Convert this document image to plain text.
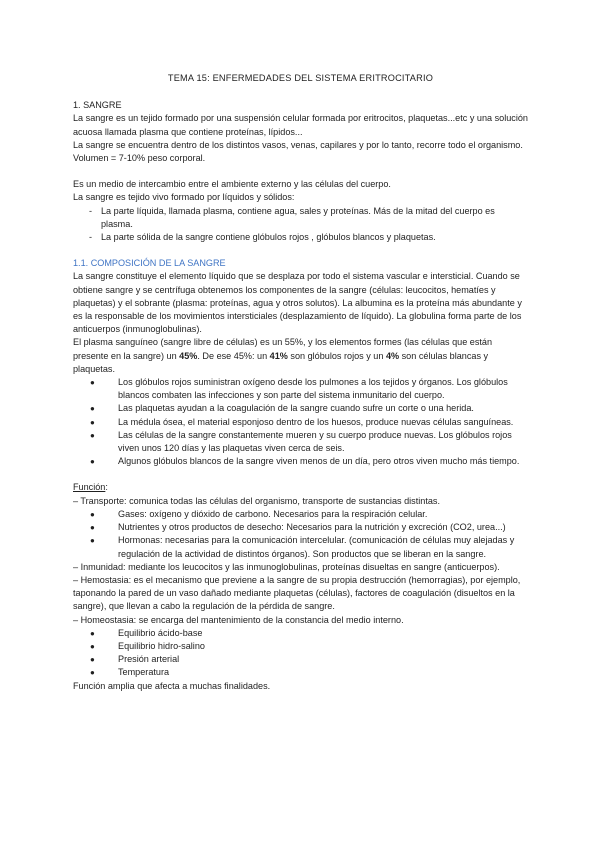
TEMA 15: ENFERMEDADES DEL SISTEMA ERITROCITARIO

1. SANGRE

La sangre es un tejido formado por una suspensión celular formada por eritrocitos, plaquetas...etc y una solución acuosa llamada plasma que contiene proteínas, lípidos...

La sangre se encuentra dentro de los distintos vasos, venas, capilares y por lo tanto, recorre todo el organismo. Volumen = 7-10% peso corporal.

Es un medio de intercambio entre el ambiente externo y las células del cuerpo.

La sangre es tejido vivo formado por líquidos y sólidos:

- La parte líquida, llamada plasma, contiene agua, sales y proteínas. Más de la mitad del cuerpo es plasma.
- La parte sólida de la sangre contiene glóbulos rojos , glóbulos blancos y plaquetas.

1.1. COMPOSICIÓN DE LA SANGRE

La sangre constituye el elemento líquido que se desplaza por todo el sistema vascular e intersticial. Cuando se obtiene sangre y se centrífuga obtenemos los componentes de la sangre (células: leucocitos, hematíes y plaquetas) y el sobrante (plasma: proteínas, agua y otros solutos). La albumina es la proteína más abundante y es la responsable de los movimientos intersticiales (desplazamiento de líquido). La globulina forma parte de los anticuerpos (inmunoglobulinas).

El plasma sanguíneo (sangre libre de células) es un 55%, y los elementos formes (las células que están presente en la sangre) un 45%. De ese 45%: un 41% son glóbulos rojos y un 4% son células blancas y plaquetas.

●	Los glóbulos rojos suministran oxígeno desde los pulmones a los tejidos y órganos. Los glóbulos blancos combaten las infecciones y son parte del sistema inmunitario del cuerpo.
●	Las plaquetas ayudan a la coagulación de la sangre cuando sufre un corte o una herida.
●	La médula ósea, el material esponjoso dentro de los huesos, produce nuevas células sanguíneas.
●	Las células de la sangre constantemente mueren y su cuerpo produce nuevas. Los glóbulos rojos viven unos 120 días y las plaquetas viven cerca de seis.
●	Algunos glóbulos blancos de la sangre viven menos de un día, pero otros viven mucho más tiempo.

Función:

– Transporte: comunica todas las células del organismo, transporte de sustancias distintas.

●	Gases: oxígeno y dióxido de carbono. Necesarios para la respiración celular.
●	Nutrientes y otros productos de desecho: Necesarios para la nutrición y excreción (CO2, urea...)
●	Hormonas: necesarias para la comunicación intercelular. (comunicación de células muy alejadas y regulación de la actividad de distintos órganos). Son productos que se liberan en la sangre.

– Inmunidad: mediante los leucocitos y las inmunoglobulinas, proteínas disueltas en sangre (anticuerpos).

– Hemostasia: es el mecanismo que previene a la sangre de su propia destrucción (hemorragias), por ejemplo, taponando la pared de un vaso dañado mediante plaquetas (células), factores de coagulación (disueltos en la sangre), que llevan a cabo la regulación de la pérdida de sangre.

– Homeostasia: se encarga del mantenimiento de la constancia del medio interno.

●	Equilibrio ácido-base
●	Equilibrio hidro-salino
●	Presión arterial
●	Temperatura

Función amplia que afecta a muchas finalidades.
